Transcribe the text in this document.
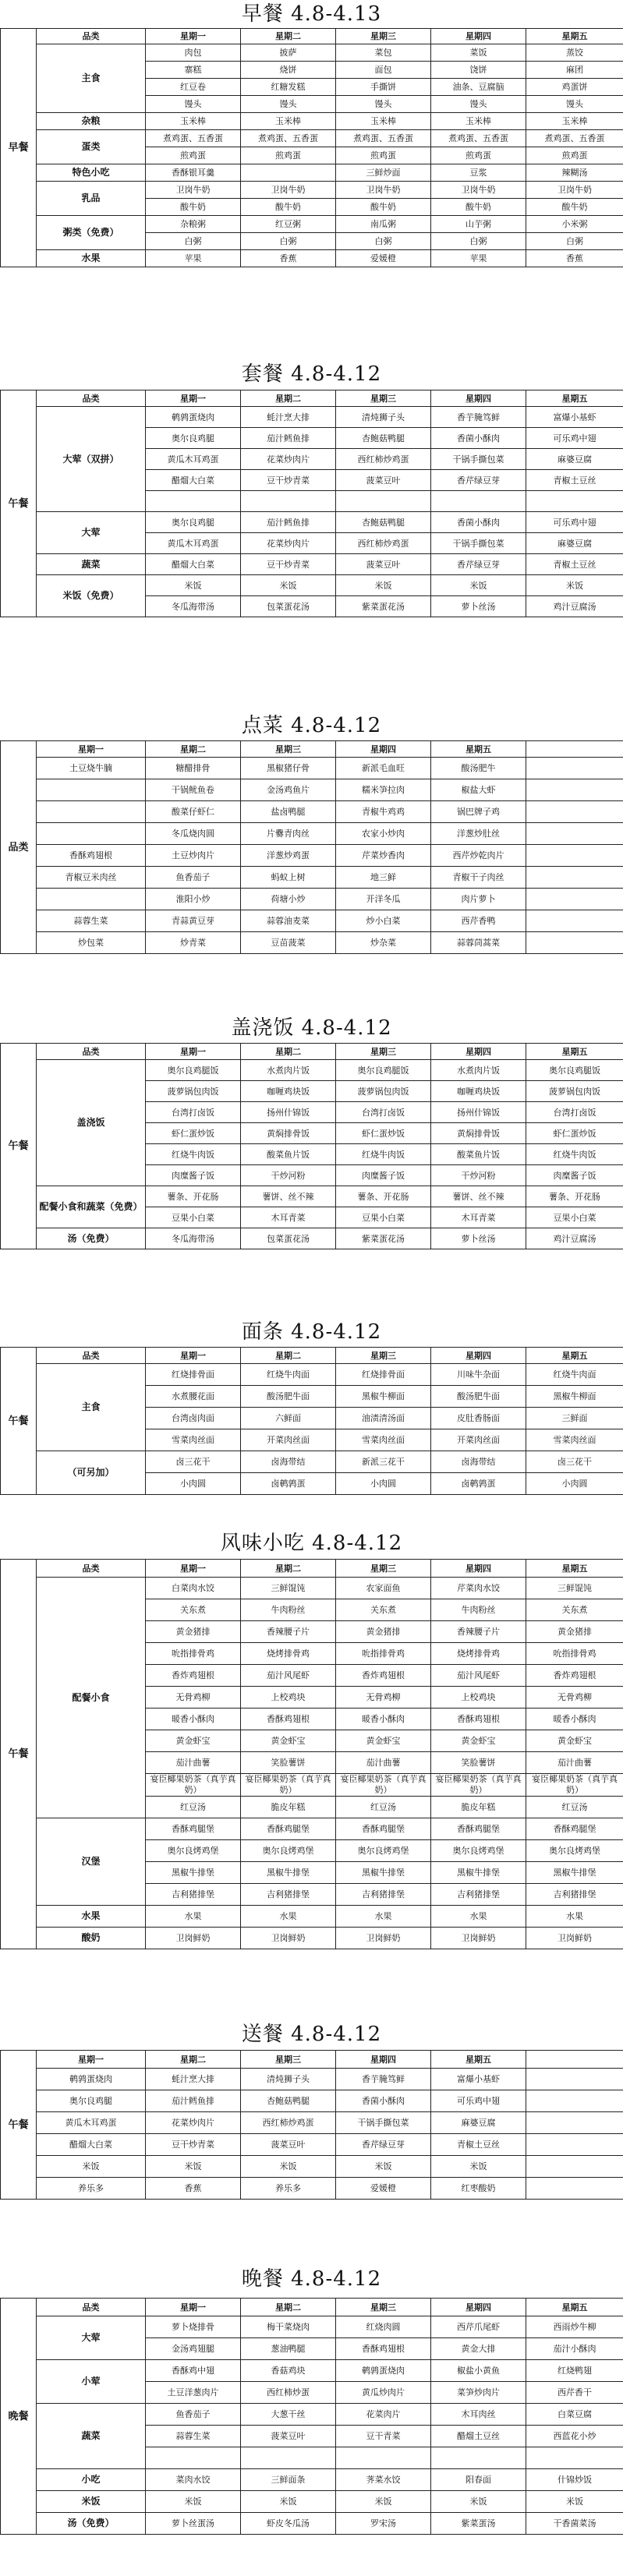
早餐 4.8-4.13
早餐	品类	星期一	星期二	星期三	星期四	星期五
	主食	肉包	披萨	菜包	菜饭	蒸饺
		寨糕	烧饼	面包	饶饼	麻团
		红豆卷	红糖发糕	手撕饼	油条、豆腐脑	鸡蛋饼
		馒头	馒头	馒头	馒头	馒头
	杂粮	玉米棒	玉米棒	玉米棒	玉米棒	玉米棒
	蛋类	煮鸡蛋、五香蛋	煮鸡蛋、五香蛋	煮鸡蛋、五香蛋	煮鸡蛋、五香蛋	煮鸡蛋、五香蛋
		煎鸡蛋	煎鸡蛋	煎鸡蛋	煎鸡蛋	煎鸡蛋
	特色小吃	香酥银耳羹		三鲜炒面	豆浆	辣糊汤
	乳品	卫岗牛奶	卫岗牛奶	卫岗牛奶	卫岗牛奶	卫岗牛奶
		酸牛奶	酸牛奶	酸牛奶	酸牛奶	酸牛奶
	粥类（免费）	杂粮粥	红豆粥	南瓜粥	山芋粥	小米粥
		白粥	白粥	白粥	白粥	白粥
	水果	苹果	香蕉	爱媛橙	苹果	香蕉
套餐 4.8-4.12
午餐	品类	星期一	星期二	星期三	星期四	星期五
	大荤（双拼）	鹌鹑蛋烧肉	蚝汁烹大排	清炖狮子头	香芋腌笃鲜	富爆小基虾
		奥尔良鸡腿	茄汁鳕鱼排	杏鲍菇鸭腿	香菌小酥肉	可乐鸡中翅
		黄瓜木耳鸡蛋	花菜炒肉片	西红柿炒鸡蛋	干锅手撕包菜	麻婆豆腐
		醋熘大白菜	豆干炒青菜	菠菜豆叶	香芹绿豆芽	青椒土豆丝

	大荤	奥尔良鸡腿	茄汁鳕鱼排	杏鲍菇鸭腿	香菌小酥肉	可乐鸡中翅
		黄瓜木耳鸡蛋	花菜炒肉片	西红柿炒鸡蛋	干锅手撕包菜	麻婆豆腐
	蔬菜	醋熘大白菜	豆干炒青菜	菠菜豆叶	香芹绿豆芽	青椒土豆丝
	米饭（免费）	米饭	米饭	米饭	米饭	米饭
		冬瓜海带汤	包菜蛋花汤	紫菜蛋花汤	萝卜丝汤	鸡汁豆腐汤
点菜 4.8-4.12
品类	星期一	星期二	星期三	星期四	星期五	
	土豆烧牛腩	糖醋排骨	黑椒猪仔骨	新派毛血旺	酸汤肥牛	
		干锅鱿鱼卷	金汤鸡鱼片	糯米笋拉肉	椒盐大虾	
		酸菜仔虾仁	盐卤鸭腿	青椒牛鸡鸡	锅巴牌子鸡	
		冬瓜烧肉圆	片爨青肉丝	农家小炒肉	洋葱炒肚丝	
	香酥鸡翅根	土豆炒肉片	洋葱炒鸡蛋	芹菜炒香肉	西芹炒乾肉片	
	青椒豆米肉丝	鱼香茄子	蚂蚁上树	地三鲜	青椒干子肉丝	
		淮阳小炒	荷塘小炒	开洋冬瓜	肉片萝卜	
	蒜蓉生菜	青蒜黄豆芽	蒜蓉油麦菜	炒小白菜	西芹香鸭	
	炒包菜	炒青菜	豆苗菠菜	炒杂菜	蒜蓉茼蒿菜	
盖浇饭 4.8-4.12
午餐	品类	星期一	星期二	星期三	星期四	星期五
	盖浇饭	奥尔良鸡腿饭	水煮肉片饭	奥尔良鸡腿饭	水煮肉片饭	奥尔良鸡腿饭
		菠萝锅包肉饭	咖喱鸡块饭	菠萝锅包肉饭	咖喱鸡块饭	菠萝锅包肉饭
		台湾打卤饭	扬州什锦饭	台湾打卤饭	扬州什锦饭	台湾打卤饭
		虾仁蛋炒饭	黄焖排骨饭	虾仁蛋炒饭	黄焖排骨饭	虾仁蛋炒饭
		红烧牛肉饭	酸菜鱼片饭	红烧牛肉饭	酸菜鱼片饭	红烧牛肉饭
		肉糜酱子饭	干炒河粉	肉糜酱子饭	干炒河粉	肉糜酱子饭
	配餐小食和蔬菜（免费）	薯条、开花肠	薯饼、丝不辣	薯条、开花肠	薯饼、丝不辣	薯条、开花肠
		豆果小白菜	木耳青菜	豆果小白菜	木耳青菜	豆果小白菜
	汤（免费）	冬瓜海带汤	包菜蛋花汤	紫菜蛋花汤	萝卜丝汤	鸡汁豆腐汤
面条 4.8-4.12
午餐	品类	星期一	星期二	星期三	星期四	星期五
	主食	红烧排骨面	红烧牛肉面	红烧排骨面	川味牛杂面	红烧牛肉面
		水煮腰花面	酸汤肥牛面	黑椒牛柳面	酸汤肥牛面	黑椒牛柳面
		台湾卤肉面	六鲜面	油渍清汤面	皮肚香肠面	三鲜面
		雪菜肉丝面	开菜肉丝面	雪菜肉丝面	开菜肉丝面	雪菜肉丝面
	（可另加）	卤三花干	卤海带结	新派三花干	卤海带结	卤三花干
		小肉圆	卤鹌鹑蛋	小肉圆	卤鹌鹑蛋	小肉圆
风味小吃 4.8-4.12
午餐	品类	星期一	星期二	星期三	星期四	星期五
	配餐小食	白菜肉水饺	三鲜馄饨	农家面鱼	芹菜肉水饺	三鲜馄饨
		关东煮	牛肉粉丝	关东煮	牛肉粉丝	关东煮
		黄金猪排	香辣腰子片	黄金猪排	香辣腰子片	黄金猪排
		吮指排骨鸡	烧烤排骨鸡	吮指排骨鸡	烧烤排骨鸡	吮指排骨鸡
		香炸鸡翅根	茄汁风尾虾	香炸鸡翅根	茄汁风尾虾	香炸鸡翅根
		无骨鸡柳	上校鸡块	无骨鸡柳	上校鸡块	无骨鸡柳
		暖香小酥肉	香酥鸡翅根	暖香小酥肉	香酥鸡翅根	暖香小酥肉
		黄金虾宝	黄金虾宝	黄金虾宝	黄金虾宝	黄金虾宝
		茄汁曲薯	笑脸薯饼	茄汁曲薯	笑脸薯饼	茄汁曲薯
		宴臣椰果奶茶（真芋真奶）	宴臣椰果奶茶（真芋真奶）	宴臣椰果奶茶（真芋真奶）	宴臣椰果奶茶（真芋真奶）	宴臣椰果奶茶（真芋真奶）
		红豆汤	脆皮年糕	红豆汤	脆皮年糕	红豆汤
	汉堡	香酥鸡腿堡	香酥鸡腿堡	香酥鸡腿堡	香酥鸡腿堡	香酥鸡腿堡
		奥尔良烤鸡堡	奥尔良烤鸡堡	奥尔良烤鸡堡	奥尔良烤鸡堡	奥尔良烤鸡堡
		黑椒牛排堡	黑椒牛排堡	黑椒牛排堡	黑椒牛排堡	黑椒牛排堡
		吉利猪排堡	吉利猪排堡	吉利猪排堡	吉利猪排堡	吉利猪排堡
	水果	水果	水果	水果	水果	水果
	酸奶	卫岗鲜奶	卫岗鲜奶	卫岗鲜奶	卫岗鲜奶	卫岗鲜奶
送餐 4.8-4.12
午餐	星期一	星期二	星期三	星期四	星期五	
	鹌鹑蛋烧肉	蚝汁烹大排	清炖狮子头	香芋腌笃鲜	富爆小基虾	
	奥尔良鸡腿	茄汁鳕鱼排	杏鲍菇鸭腿	香菌小酥肉	可乐鸡中翅	
	黄瓜木耳鸡蛋	花菜炒肉片	西红柿炒鸡蛋	干锅手撕包菜	麻婆豆腐	
	醋熘大白菜	豆干炒青菜	菠菜豆叶	香芹绿豆芽	青椒土豆丝	
	米饭	米饭	米饭	米饭	米饭	
	养乐多	香蕉	养乐多	爱媛橙	红枣酸奶	
晚餐 4.8-4.12
晚餐	品类	星期一	星期二	星期三	星期四	星期五
	大荤	萝卜烧排骨	梅干菜烧肉	红烧肉圆	西芹爪尾虾	西雨炒牛柳
		金汤鸡翅腿	葱油鸭腿	香酥鸡翅根	黄金大排	茄汁小酥肉
	小荤	香酥鸡中翅	香菇鸡块	鹌鹑蛋烧肉	椒盐小黄鱼	红烧鸭翅
		土豆洋葱肉片	西红柿炒蛋	黄瓜炒肉片	菜笋炒肉片	西芹香干
	蔬菜	鱼香茄子	大葱干丝	花菜肉片	木耳肉丝	白菜豆腐
		蒜蓉生菜	菠菜豆叶	豆干青菜	醋熘土豆丝	西蓝花小炒

	小吃	菜肉水饺	三鲜面条	荠菜水饺	阳春面	什锦炒饭
	米饭	米饭	米饭	米饭	米饭	米饭
	汤（免费）	萝卜丝蛋汤	虾皮冬瓜汤	罗宋汤	紫菜蛋汤	干香菌菜汤
